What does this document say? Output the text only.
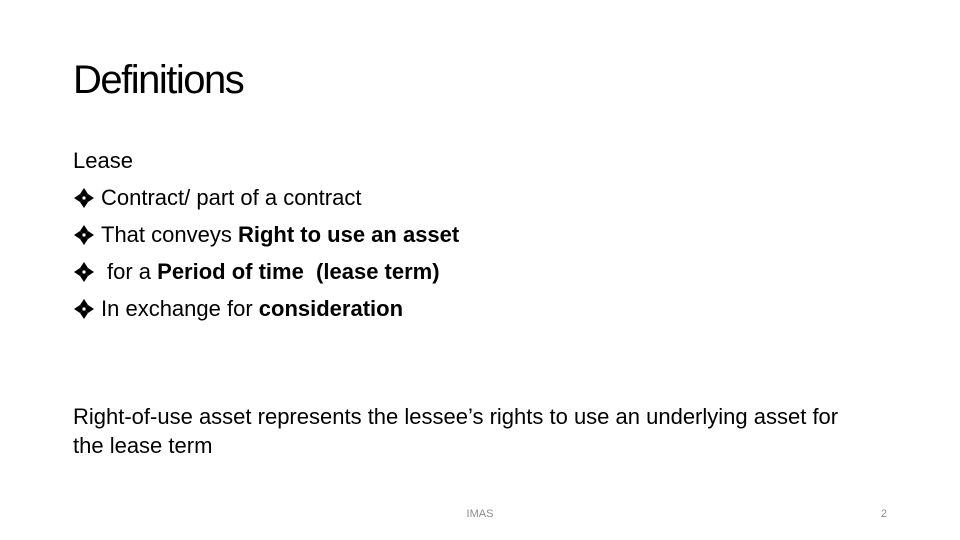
Definitions
Lease
Contract/ part of a contract
That conveys Right to use an asset
for a Period of time (lease term)
In exchange for consideration
Right-of-use asset represents the lessee’s rights to use an underlying asset for the lease term
IMAS	2
